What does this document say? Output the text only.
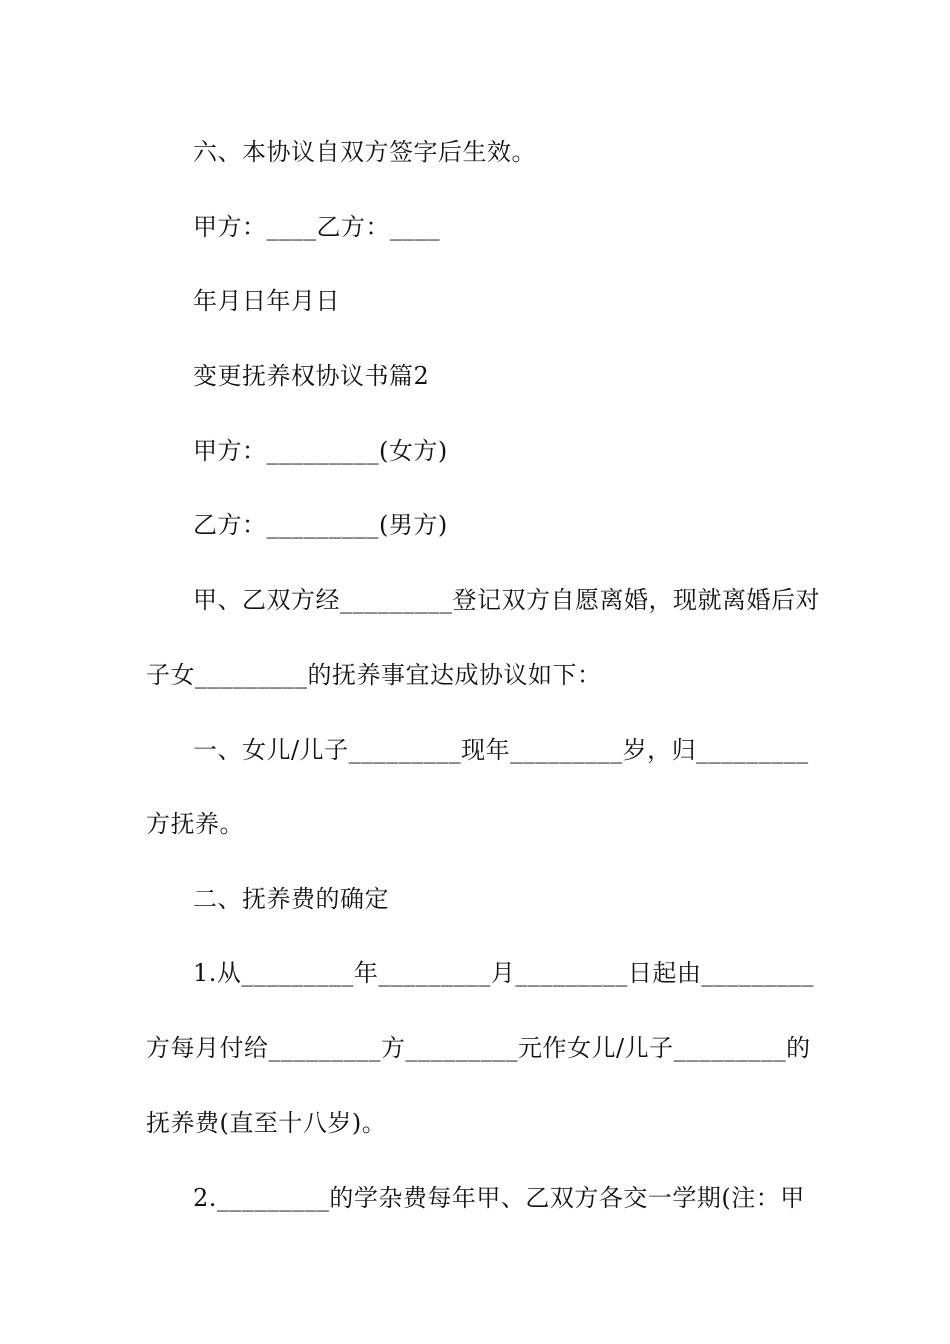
六、本协议自双方签字后生效。
甲方：____乙方：____
年月日年月日
变更抚养权协议书篇2
甲方：_________(女方)
乙方：_________(男方)
甲、乙双方经_________登记双方自愿离婚，现就离婚后对
子女_________的抚养事宜达成协议如下：
一、女儿/儿子_________现年_________岁，归_________
方抚养。
二、抚养费的确定
1.从_________年_________月_________日起由_________
方每月付给_________方_________元作女儿/儿子_________的
抚养费(直至十八岁)。
2._________的学杂费每年甲、乙双方各交一学期(注：甲
